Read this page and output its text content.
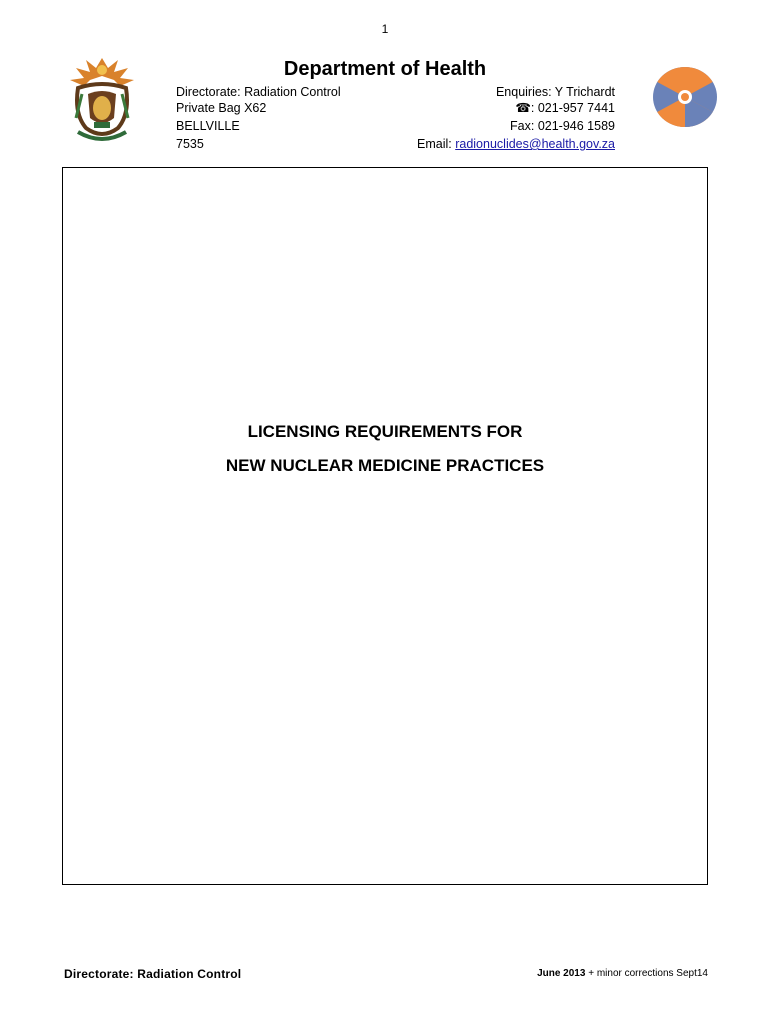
1
Department of Health
Directorate: Radiation Control
Private Bag X62
BELLVILLE
7535
Enquiries: Y Trichardt
☎: 021-957 7441
Fax: 021-946 1589
Email: radionuclides@health.gov.za
LICENSING REQUIREMENTS FOR
NEW NUCLEAR MEDICINE PRACTICES
Directorate: Radiation Control	June 2013 + minor corrections Sept14
